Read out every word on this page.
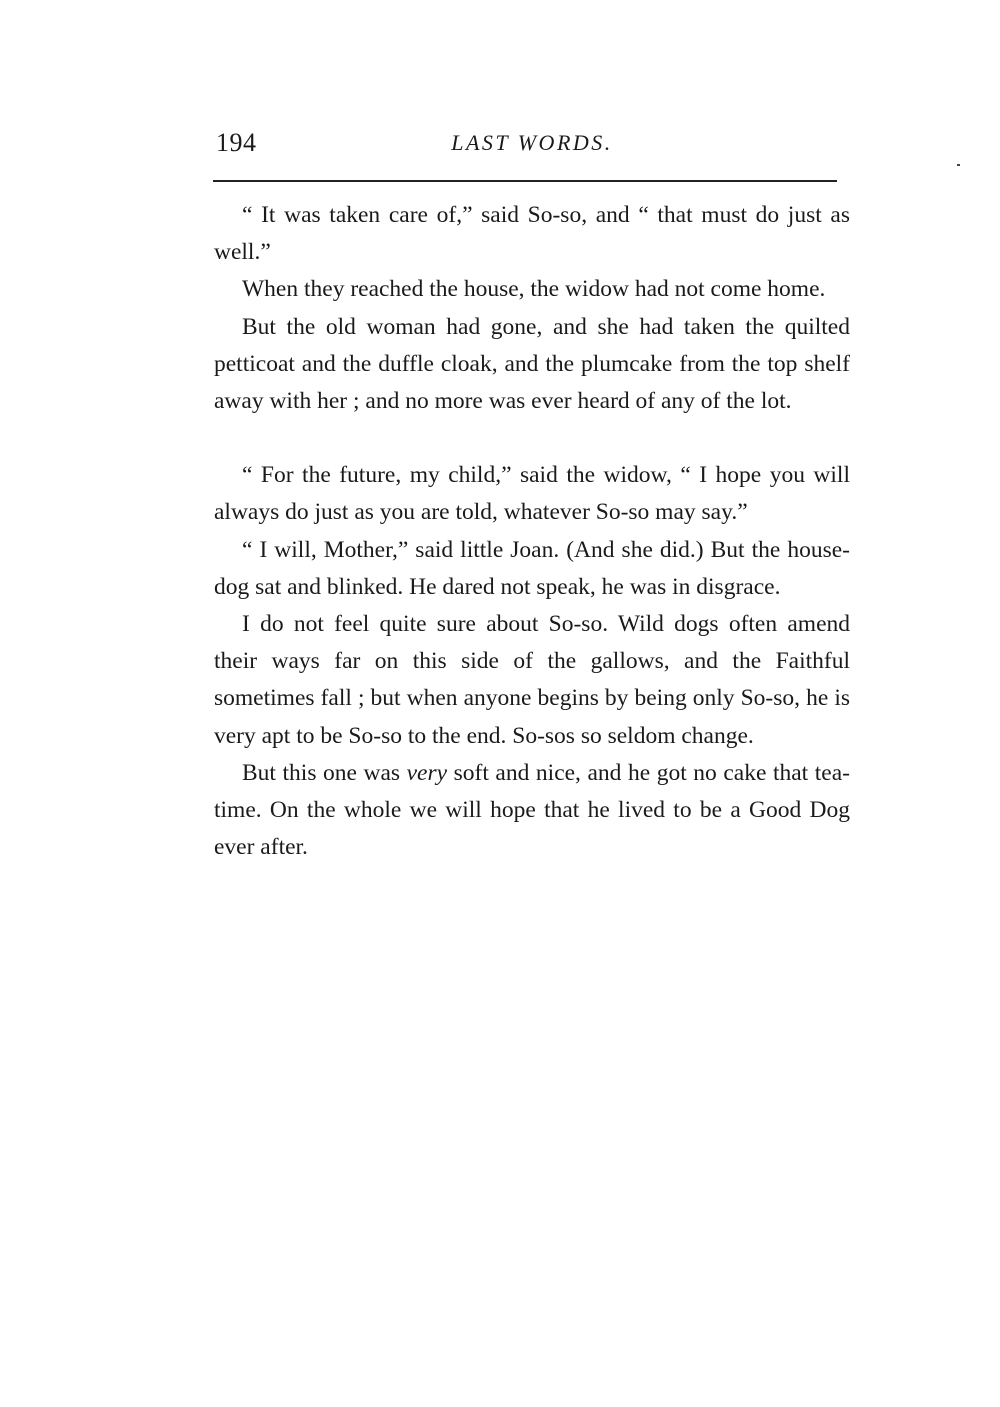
194	LAST WORDS.

“ It was taken care of,” said So-so, and “ that must do just as well.”

When they reached the house, the widow had not come home.

But the old woman had gone, and she had taken the quilted petticoat and the duffle cloak, and the plumcake from the top shelf away with her ; and no more was ever heard of any of the lot.

“ For the future, my child,” said the widow, “ I hope you will always do just as you are told, whatever So-so may say.”

“ I will, Mother,” said little Joan. (And she did.) But the house-dog sat and blinked. He dared not speak, he was in disgrace.

I do not feel quite sure about So-so. Wild dogs often amend their ways far on this side of the gallows, and the Faithful sometimes fall ; but when anyone begins by being only So-so, he is very apt to be So-so to the end. So-sos so seldom change.

But this one was very soft and nice, and he got no cake that tea-time. On the whole we will hope that he lived to be a Good Dog ever after.
